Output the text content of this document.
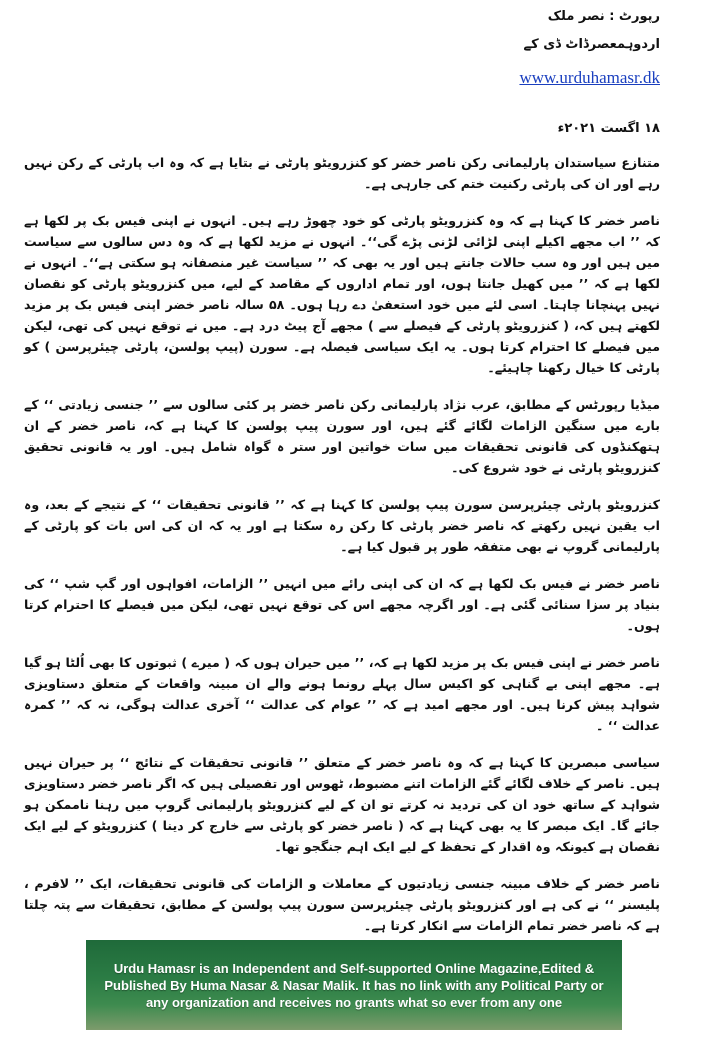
رپورٹ : نصر ملک
اردوہمعصرڈاٹ ڈی کے
www.urduhamasr.dk
۱۸ اگست ۲۰۲۱ء

متنازع سیاستدان پارلیمانی رکن ناصر خضر کو کنزرویٹو پارٹی نے بتایا ہے کہ وہ اب پارٹی کے رکن نہیں رہے اور ان کی پارٹی رکنیت ختم کی جارہی ہے۔

ناصر خضر کا کہنا ہے کہ وہ کنزرویٹو پارٹی کو خود چھوڑ رہے ہیں۔ انہوں نے اپنی فیس بک پر لکھا ہے کہ ’’ اب مجھے اکیلے اپنی لڑائی لڑنی پڑے گی‘‘۔ انہوں نے مزید لکھا ہے کہ وہ دس سالوں سے سیاست میں ہیں اور وہ سب حالات جانتے ہیں اور یہ بھی کہ ’’ سیاست غیر منصفانہ ہو سکتی ہے‘‘۔ انہوں نے لکھا ہے کہ ’’ میں کھیل جانتا ہوں، اور تمام اداروں کے مقاصد کے لیے، میں کنزرویٹو پارٹی کو نقصان نہیں پہنچانا چاہتا۔ اسی لئے میں خود استعفیٰ دے رہا ہوں۔ ۵۸ سالہ ناصر خضر اپنی فیس بک پر مزید لکھتے ہیں کہ، ( کنزرویٹو پارٹی کے فیصلے سے ) مجھے آج پیٹ درد ہے۔ میں نے توقع نہیں کی تھی، لیکن میں فیصلے کا احترام کرتا ہوں۔ یہ ایک سیاسی فیصلہ ہے۔ سورن (پیپ پولسن، پارٹی چیئرپرسن ) کو پارٹی کا خیال رکھنا چاہیئے۔

میڈیا رپورٹس کے مطابق، عرب نژاد پارلیمانی رکن ناصر خضر پر کئی سالوں سے ’’ جنسی زیادتی ‘‘ کے بارے میں سنگین الزامات لگائے گئے ہیں، اور سورن پیپ پولسن کا کہنا ہے کہ، ناصر خضر کے ان ہتھکنڈوں کی قانونی تحقیقات میں سات خواتین اور ستر ہ گواہ شامل ہیں۔ اور یہ قانونی تحقیق کنزرویٹو پارٹی نے خود شروع کی۔

کنزرویٹو پارٹی چیئرپرسن سورن پیپ پولسن کا کہنا ہے کہ ’’ قانونی تحقیقات ‘‘ کے نتیجے کے بعد، وہ اب یقین نہیں رکھتے کہ ناصر خضر پارٹی کا رکن رہ سکتا ہے اور یہ کہ ان کی اس بات کو پارٹی کے پارلیمانی گروپ نے بھی متفقہ طور پر قبول کیا ہے۔

ناصر خضر نے فیس بک لکھا ہے کہ ان کی اپنی رائے میں انہیں ’’ الزامات، افواہوں اور گپ شپ ‘‘ کی بنیاد پر سزا سنائی گئی ہے۔ اور اگرچہ مجھے اس کی توقع نہیں تھی، لیکن میں فیصلے کا احترام کرتا ہوں۔

ناصر خضر نے اپنی فیس بک پر مزید لکھا ہے کہ، ’’ میں حیران ہوں کہ ( میرے ) ثبوتوں کا بھی اُلٹا ہو گیا ہے۔ مجھے اپنی بے گناہی کو اکیس سال پہلے رونما ہونے والے ان مبینہ واقعات کے متعلق دستاویزی شواہد پیش کرنا ہیں۔ اور مجھے امید ہے کہ ’’ عوام کی عدالت ‘‘ آخری عدالت ہوگی، نہ کہ ’’ کمرہ عدالت ‘‘ ۔

سیاسی مبصرین کا کہنا ہے کہ وہ ناصر خضر کے متعلق ’’ قانونی تحقیقات کے نتائج ‘‘ پر حیران نہیں ہیں۔ ناصر کے خلاف لگائے گئے الزامات اتنے مضبوط، ٹھوس اور تفصیلی ہیں کہ اگر ناصر خضر دستاویزی شواہد کے ساتھ خود ان کی تردید نہ کرتے تو ان کے لیے کنزرویٹو پارلیمانی گروپ میں رہنا ناممکن ہو جائے گا۔ ایک مبصر کا یہ بھی کہنا ہے کہ ( ناصر خضر کو پارٹی سے خارج کر دینا ) کنزرویٹو کے لیے ایک نقصان ہے کیونکہ وہ اقدار کے تحفظ کے لیے ایک اہم جنگجو تھا۔

ناصر خضر کے خلاف مبینہ جنسی زیادتیوں کے معاملات و الزامات کی قانونی تحقیقات، ایک ’’ لافرم ، پلیسنر ‘‘ نے کی ہے اور کنزرویٹو پارٹی چیئرپرسن سورن پیپ پولسن کے مطابق، تحقیقات سے پتہ چلتا ہے کہ ناصر خضر تمام الزامات سے انکار کرتا ہے۔

Urdu Hamasr is an Independent and Self-supported Online Magazine,Edited & Published By Huma Nasar & Nasar Malik. It has no link with any Political Party or any organization and receives no grants what so ever from any one
